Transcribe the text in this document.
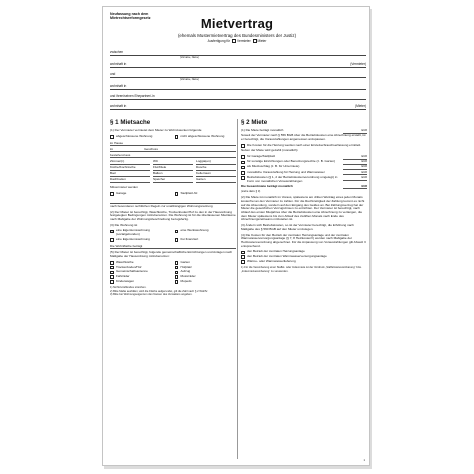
Neufassung nach dem
Mietrechtsreformgesetz	Mietvertrag
(ehemals Mustermietvertrag des Bundesministers der Justiz)
Ausfertigung für Vermieter Mieter
zwischen
(Vorname, Name)
wohnhaft in	(Vermieter)
und
(Vorname, Name)
wohnhaft in
und ihren/seinen Ehepartner/-in
wohnhaft in	(Mieter)
§ 1 Mietsache
(1) Der Vermieter vermietet dem Mieter zu Wohnzwecken folgende
abgeschlossene Wohnung	nicht abgeschlossene Wohnung
im Hause
im	Geschoss
bestehend aus
Zimmer(n)	WC	Loggia(en)
Küche/Kochnische	Flur/Diele	Dusche
Bad	Balkon	Kellerraum
Dachboden	Speicher	Garten
Mitvermietet werden
Garage	Stellplatz-Nr.
nach besonderen rechtlichen Regeln zur unabhängigen Wohnungsnutzung
(2) Der Mieter ist berechtigt, Waschküche, Trockenboden/Hof zu den in der Hausordnung festgelegten Bedingungen mitzubenutzen. Die Wohnung ist für die überlassenen Mieträume nach Maßgabe der Wohnungsbeschreibung bezugsfertig.
(3) Die Wohnung ist
×
eine Eigentumswohnung (sozialgebunden)
eine Werkswohnung
eine Eigentumswohnung	frei finanziert
Die Wohnfläche beträgt
(5) Der Mieter ist berechtigt, folgende gemeinschaftliche Einrichtungen und Anlagen nach Maßgabe der Hausordnung mitzubenutzen:
Waschküche	Garten
Trockenboden/Hof	Hofplatz
Gemeinschaftsantenne	Aufzug
Fahrräder	Motorräder
Kinderwagen	Mopeds
1) Nichtzutreffendes streichen.
2) Bitte Maße ausfüllen; wird die Fläche aufgerundet, gilt die Zahl nach § 2 WoFlV.
3) Bitte bei Wohnungseigentum den Namen des Verwalters angeben.
§ 2 Miete
(1) Die Miete beträgt monatlich	EUR
Soweit der Vermieter nach § 556 BGB über die Betriebskosten eine Abrechnung erstellt, ist er berechtigt, die Vorauszahlungen angemessen anzupassen.
Die Kosten für die Heizung werden nach einer Einzelverbrauchserfassung ermittelt.
Neben der Miete wird gezahlt (monatlich):
für Garage/Stellplatz	EUR
für sonstige Einrichtungen oder Benutzungsrechte (z. B. Garten)	EUR
als Mietzuschlag (z. B. für Untermiete)	EUR
monatliche Vorauszahlung für Heizung und Warmwasser	EUR
Betriebskosten (§ 1, 2 der Betriebskostenverordnung umgelegt) in Form von monatlichen Vorauszahlungen
EUR
Die Gesamtmiete beträgt monatlich	EUR
(siehe dazu § 3)
(2) Die Miete ist monatlich im Voraus, spätestens am dritten Werktag eines jeden Monats kostenfrei an den Vermieter zu zahlen. Für die Rechtzeitigkeit der Zahlung kommt es nicht auf die Absendung, sondern auf den Eingang des Geldes an. Bei Zahlungsverzug hat der Mieter die gesetzlichen Verzugszinsen zu entrichten. Der Vermieter ist berechtigt, nach Ablauf des ersten Mietjahres über die Betriebskosten eine Abrechnung zu verlangen, die dem Mieter spätestens bis zum Ablauf des zwölften Monats nach Ende des Abrechnungszeitraums mitzuteilen ist.
(3) Ändern sich Betriebskosten, so ist der Vermieter berechtigt, die Erhöhung nach Maßgabe des § 560 BGB auf den Mieter umzulegen.
(4) Die Kosten für den Betrieb der zentralen Heizungsanlage und der zentralen Warmwasserversorgungsanlage (§ 7, 8 HeizkostenV) werden nach Maßgabe der Heizkostenverordnung abgerechnet. Für die Anpassung von Vorauszahlungen gilt Absatz 3 entsprechend.
den Betrieb der zentralen Heizungsanlage
den Betrieb der zentralen Warmwasserversorgungsanlage
Wärme- oder Warmwasserlieferung
1) Für die Vereinbarung einer Staffel- oder Indexmiete ist der Vordruck „Staffelmietvereinbarung“ bzw. „Indexmietvereinbarung“ zu verwenden.
1
